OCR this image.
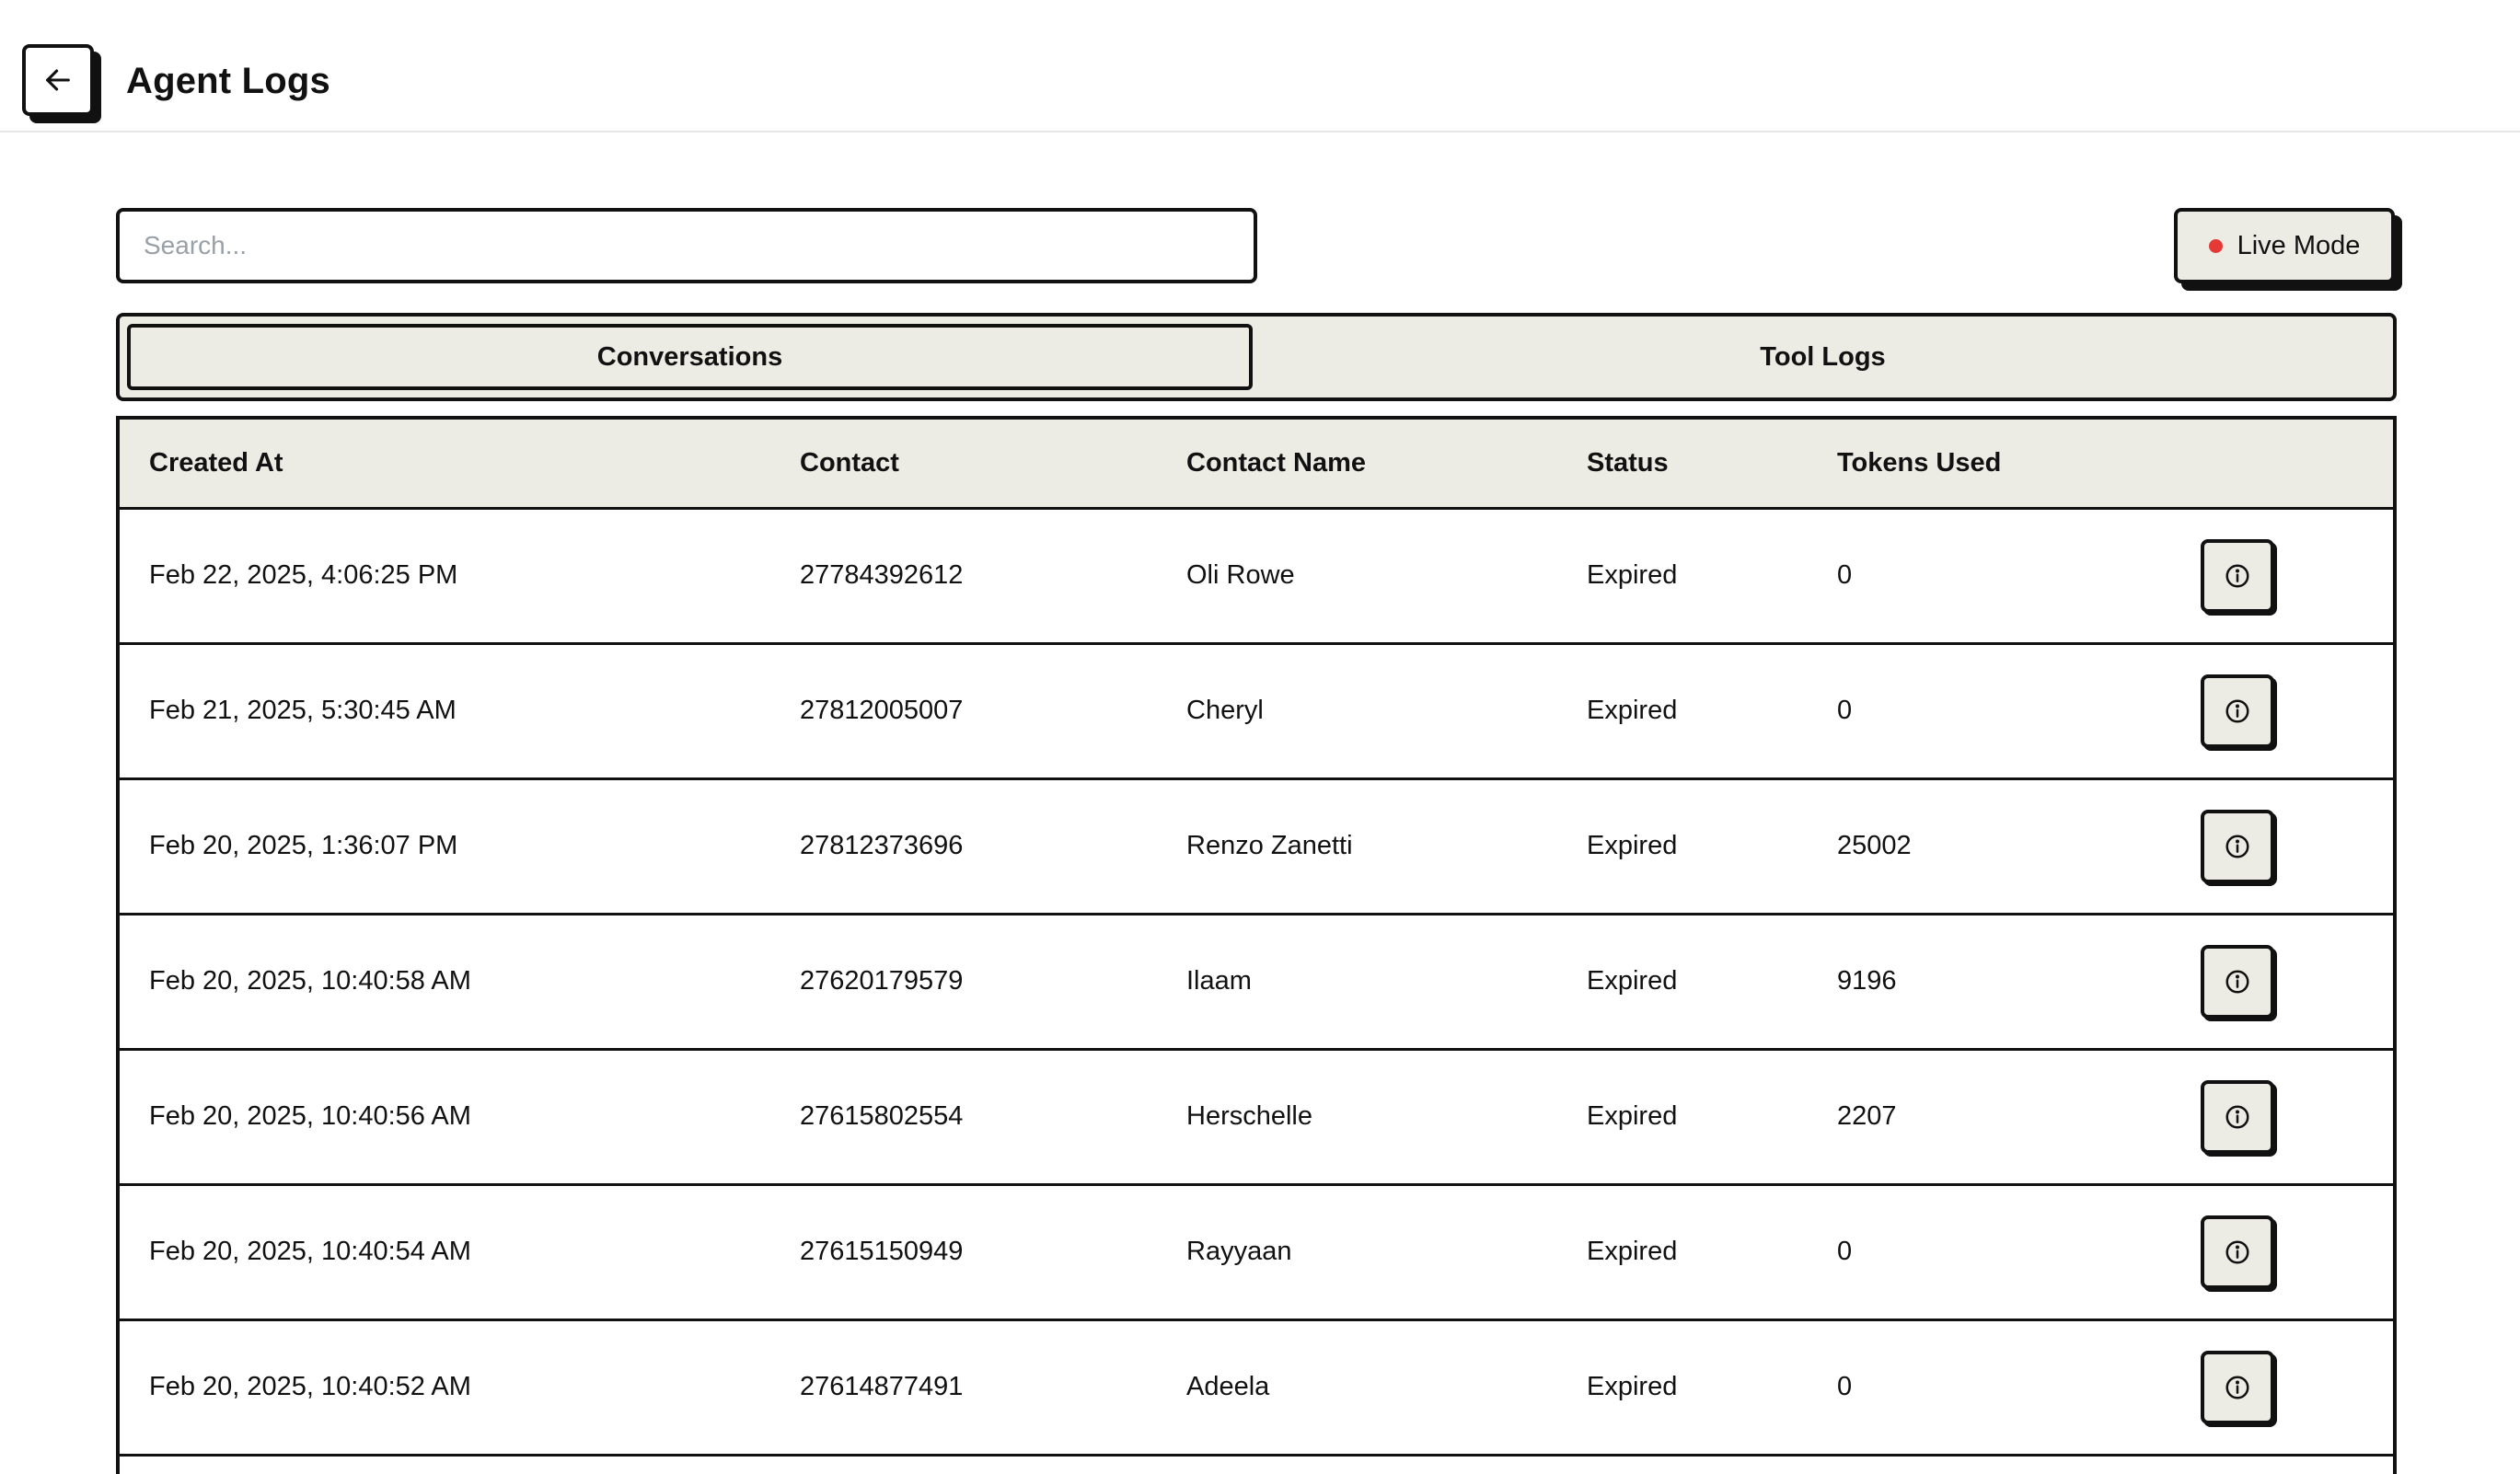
Agent Logs
Search...
Live Mode
Conversations	Tool Logs
Created At	Contact	Contact Name	Status	Tokens Used	
Feb 22, 2025, 4:06:25 PM	27784392612	Oli Rowe	Expired	0	

Feb 21, 2025, 5:30:45 AM	27812005007	Cheryl	Expired	0	

Feb 20, 2025, 1:36:07 PM	27812373696	Renzo Zanetti	Expired	25002	

Feb 20, 2025, 10:40:58 AM	27620179579	Ilaam	Expired	9196	

Feb 20, 2025, 10:40:56 AM	27615802554	Herschelle	Expired	2207	

Feb 20, 2025, 10:40:54 AM	27615150949	Rayyaan	Expired	0	

Feb 20, 2025, 10:40:52 AM	27614877491	Adeela	Expired	0	
